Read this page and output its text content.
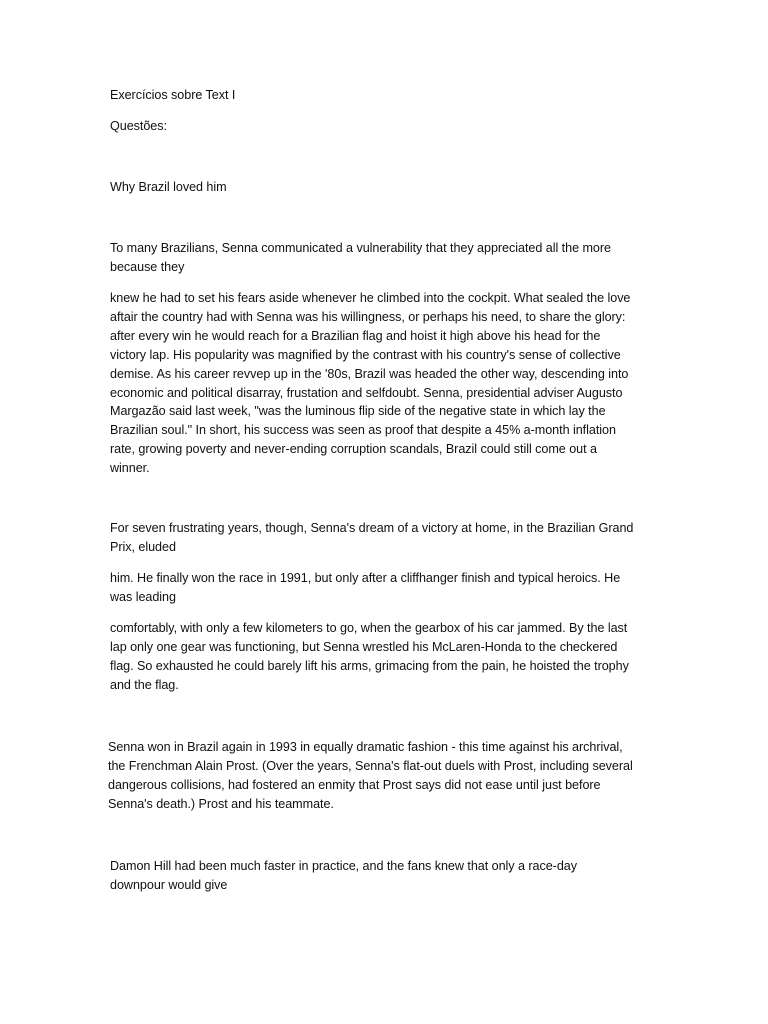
Exercícios sobre Text I

Questões:

Why Brazil loved him

To many Brazilians, Senna communicated a vulnerability that they appreciated all the more
because they

knew he had to set his fears aside whenever he climbed into the cockpit. What sealed the love
aftair the country had with Senna was his willingness, or perhaps his need, to share the glory:
after every win he would reach for a Brazilian flag and hoist it high above his head for the
victory lap. His popularity was magnified by the contrast with his country's sense of collective
demise. As his career revvep up in the '80s, Brazil was headed the other way, descending into
economic and political disarray, frustation and selfdoubt. Senna, presidential adviser Augusto
Margazão said last week, "was the luminous flip side of the negative state in which lay the
Brazilian soul." In short, his success was seen as proof that despite a 45% a-month inflation
rate, growing poverty and never-ending corruption scandals, Brazil could still come out a
winner.

For seven frustrating years, though, Senna's dream of a victory at home, in the Brazilian Grand
Prix, eluded

him. He finally won the race in 1991, but only after a cliffhanger finish and typical heroics. He
was leading

comfortably, with only a few kilometers to go, when the gearbox of his car jammed. By the last
lap only one gear was functioning, but Senna wrestled his McLaren-Honda to the checkered
flag. So exhausted he could barely lift his arms, grimacing from the pain, he hoisted the trophy
and the flag.

Senna won in Brazil again in 1993 in equally dramatic fashion - this time against his archrival,
the Frenchman Alain Prost. (Over the years, Senna's flat-out duels with Prost, including several
dangerous collisions, had fostered an enmity that Prost says did not ease until just before
Senna's death.) Prost and his teammate.

Damon Hill had been much faster in practice, and the fans knew that only a race-day
downpour would give
